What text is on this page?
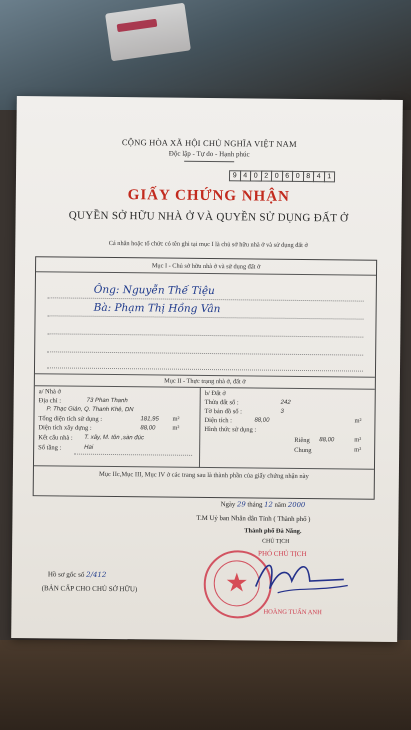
CỘNG HÒA XÃ HỘI CHỦ NGHĨA VIỆT NAM
Độc lập - Tự do - Hạnh phúc
9 4 0 2 0 6 0 8 4 1
GIẤY CHỨNG NHẬN
QUYỀN SỞ HỮU NHÀ Ở VÀ QUYỀN SỬ DỤNG ĐẤT Ở
Cá nhân hoặc tổ chức có tên ghi tại mục I là chủ sở hữu nhà ở và sử dụng đất ở
Mục I - Chủ sở hữu nhà ở và sử dụng đất ở
Ông: Nguyễn Thế Tiệu
Bà: Phạm Thị Hồng Vân
Mục II - Thực trạng nhà ở, đất ở
a/ Nhà ở
Địa chỉ :	73 Phan Thanh
P. Thạc Gián, Q. Thanh Khê, DN
Tổng diện tích sử dụng :	181,95 m²
Diện tích xây dựng :	88,00	m²
Kết cấu nhà : T. xây, M. tôn ,sàn đúc
Số tầng :	Hai
b/ Đất ở
Thửa đất số :	242
Tờ bản đồ số :	3
Diện tích :	88,00	m²
Hình thức sử dụng :
Riêng 88,00	m²
Chung	m²
Mục IIc,Mục III, Mục IV ở các trang sau là thành phần của giấy chứng nhận này
Ngày 29 tháng 12 năm 2000
T.M Uỷ ban Nhân dân Tỉnh ( Thành phố )
Thành phố Đà Nẵng.
CHỦ TỊCH
PHÓ CHỦ TỊCH
★
HOÀNG TUẤN ANH
Hồ sơ gốc số 2/412
(BẢN CẤP CHO CHỦ SỞ HỮU)
